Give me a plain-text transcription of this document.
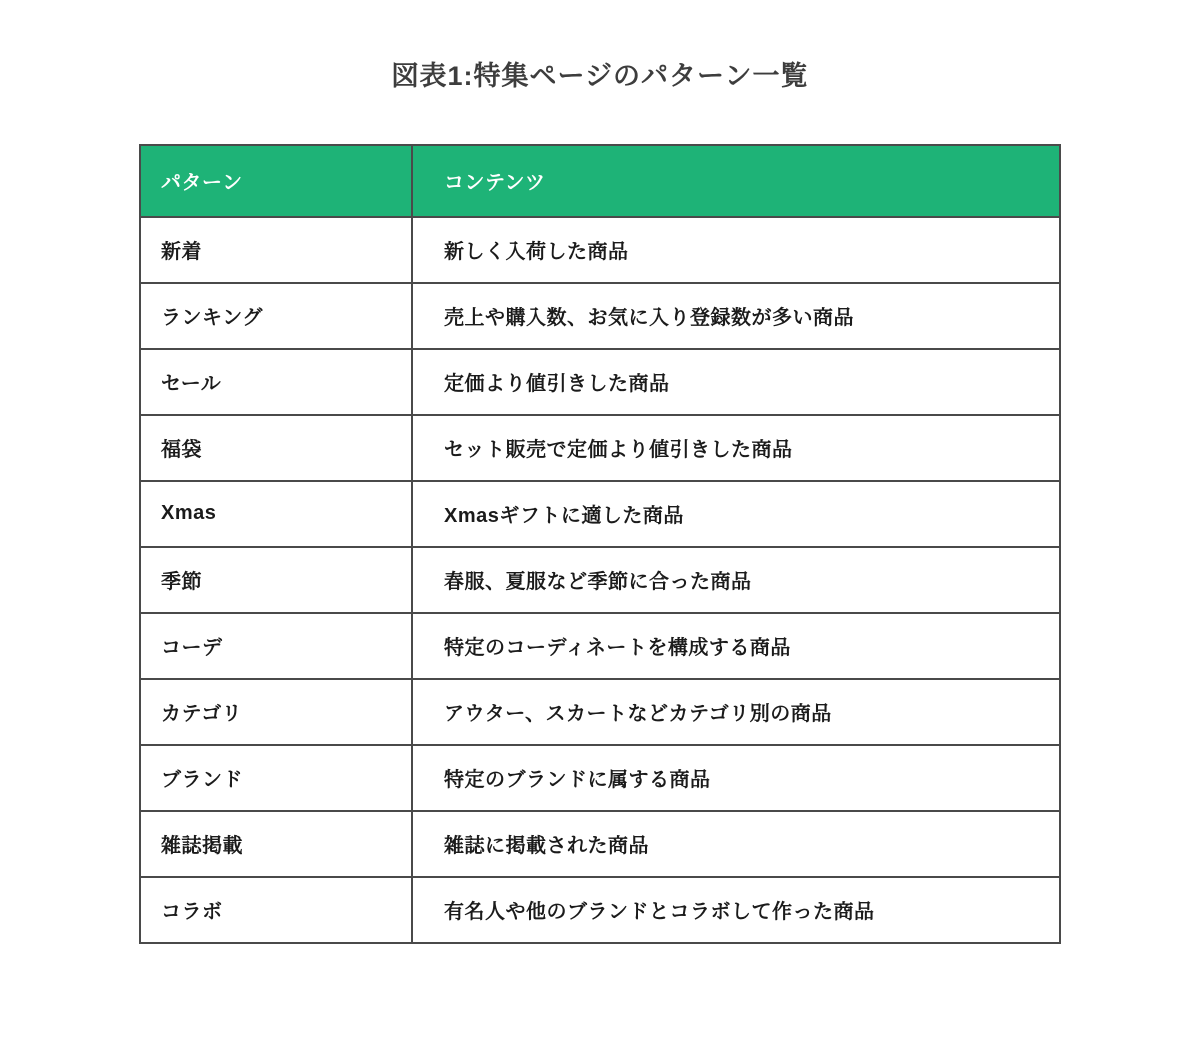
図表1:特集ページのパターン一覧
パターン	コンテンツ
新着	新しく入荷した商品
ランキング	売上や購入数、お気に入り登録数が多い商品
セール	定価より値引きした商品
福袋	セット販売で定価より値引きした商品
Xmas	Xmasギフトに適した商品
季節	春服、夏服など季節に合った商品
コーデ	特定のコーディネートを構成する商品
カテゴリ	アウター、スカートなどカテゴリ別の商品
ブランド	特定のブランドに属する商品
雑誌掲載	雑誌に掲載された商品
コラボ	有名人や他のブランドとコラボして作った商品
